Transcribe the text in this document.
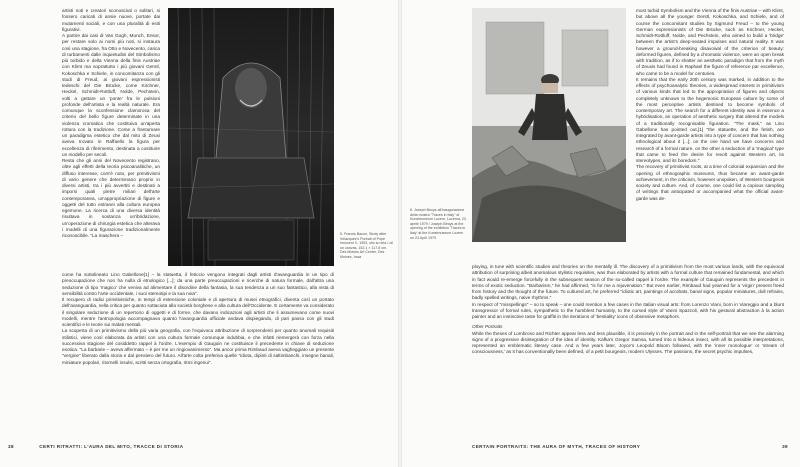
artisti noti e creatori sconosciuti o solitari, si fossero caricati di ansie nuove, portate dai mutamenti sociali, e con una pluralità di esiti figurativi.

A partire dai casi di Van Gogh, Munch, Ensor, per restare solo ai nomi più noti, si instaura così una stagione, fra Otto e Novecento, carica di turbamenti dalle inquietudini del Simbolismo più torbido e della Vienna della finis Austriae con Klimt ma soprattutto i più giovani Gerstl, Kokoschka e Schiele, in concomitanza con gli studi di Freud, ai giovani espressionisti tedeschi del Die Brücke, come Kirchner, Heckel, Schmidt-Rottluff, Nolde, Pechstein, volti a gettare un 'ponte' fra le pulsioni profonde dell'artista e la realtà naturale. Era comunque la sconfessione clamorosa del criterio del bello figure determinate in una violenza cromatica che costituiva un'aperta rottura con la tradizione. Come a frantumare un paradigma estetico che dal mito di Zeusi aveva trovato in Raffaello la figura per eccellenza di riferimento, destinata a costituire un modello per secoli.

Resta che gli anni del Novecento registrano, oltre agli effetti della teoria psicoanalitiche, un diffuso interesse, com'è noto, per primitivismi di vario genere che determinano proprio in diversi artisti, tra i più avvertiti e destinati a imporsi quali pietre miliari dell'arte contemporanea, un'appropriazione di figure e oggetti del tutto estranei alla cultura europea egemone. La ricerca di una diversa identità risultava in sostanza un'ibridazione, un'operazione di chirurgia estetica che alterava i modelli di una figurazione tradizionalmente riconoscibile. "La maschera –

come ha sottolineato Lino Gabellone[1] – la statuetta, il feticcio vengono integrati dagli artisti d'avanguardia in un tipo di preoccupazione che non ha nulla di etnologico [...]; da una parte preoccupazioni e ricerche di natura formale, dall'altra una seduzione di tipo 'magico' che veniva ad alimentare il disordine della fantasia, la sua tendenza a un suo fantastico, alla vista di sensibilità contro l'arte occidentale, i suoi stereotipi e la sua noia".

Il recupero di radici primitivistiche, in tempi di estensione coloniale e di apertura di musei etnografici, diventa così un portato dell'avanguardia, nella critica per quanto sottaciuta alla società borghese e alla cultura dell'Occidente. E certamente va considerato il singolare seduzione di un repertorio di oggetti e di forme, che davano indicazioni agli artisti che li assumevano come nuovi modelli, mentre l'antropologia accompagnava quanto l'avanguardia ufficiale andava dispiegando, di pari passo con gli studi scientifici e le teorie sui malati mentali.

La scoperta di un primitivismo della più varia geografia, con l'equivoca attribuzione di sorprendenti per quanto anomali requisiti stilistici, viene così elaborata da artisti con una cultura formale comunque indubbia, e che infatti riemergerà con forza nella successiva stagione del cosiddetto rappel à l'ordre. L'esempio di Gauguin ne costituisce il precedente in chiave di seduzione esotica. "La barbarie – aveva affermato – è per me un ringiovanimento". Ma ancor prima Rimbaud aveva vagheggiato un presente "vergine" liberato dalla storia e dal pensiero del futuro. All'arte colta preferiva quelle "idiota, dipinti di saltimbanchi, insegne banali, miniature popolari, ritornelli insulsi, scritti senza ortografia, ritmi ingenui".

5. Francis Bacon, Study after Velázquez's Portrait of Pope Innocent X, 1953, olio su tela / oil on canvas, 152,1 × 117,8 cm. Des Moines Art Center, Des Moines, Iowa
38	CERTI RITRATTI: L'AURA DEL MITO, TRACCE DI STORIA
6. Joseph Beuys all'inaugurazione della mostra "Traces in Italy" di Kunstmuseum Luzern, Lucerna, 23 aprile 1979 / Joseph Beuys at the opening of the exhibition 'Traces in Italy' at the Kunstmuseum Luzern on 23 April 1979

most turbid Symbolism and the Vienna of the finis Austriae – with Klimt, but above all the younger Gerstl, Kokoschka, and Schiele, and of course the concomitant studies by Sigmund Freud – to the young German expressionists of Die Brücke, such as Kirchner, Heckel, Schmidt-Rottluff, Nolde, and Pechstein, who aimed to build a 'bridge' between the artist's deep-seated impulses and natural reality. It was however a ground-breaking disavowal of the criterion of beauty: deformed figures, defined by a chromatic violence, were an open break with tradition, as if to shatter an aesthetic paradigm that from the myth of Zeuxis had found in Raphael the figure of reference par excellence, who came to be a model for centuries.

It remains that the early 20th century was marked, in addition to the effects of psychoanalytic theories, a widespread interest in primitivism of various kinds that led to the appropriation of figures and objects completely unknown to the hegemonic European culture by some of the most perceptive artists destined to become symbols of contemporary art. The search for a different identity was in essence a hybridisation, an operation of aesthetic surgery that altered the models of a traditionally recognisable figuration. "The mask," as Lino Gabellone has pointed out,[1] "the statuette, and the fetish, are integrated by avant-garde artists into a type of concern that has nothing ethnological about it [...]; on the one hand we have concerns and research of a formal nature, on the other a seduction of a 'magical' type that came to feed the desire for revolt against Western art, its stereotypes, and its boredom."

The recovery of primitivist roots, at a time of colonial expansion and the opening of ethnographic museums, thus became an avant-garde achievement, in the criticism, however unspoken, of Western bourgeois society and culture. And, of course, one could list a copious sampling of writings that anticipated or accompanied what the official avant-garde was de-

ploying, in tune with scientific studies and theories on the mentally ill. The discovery of a primitivism from the most various lands, with the equivocal attribution of surprising albeit anomalous stylistic requisites, was thus elaborated by artists with a formal culture that remained fundamental, and which in fact would re-emerge forcefully in the subsequent season of the so-called rappel à l'ordre. The example of Gauguin represents the precedent in terms of exotic seduction. "Barbarism," he had affirmed, "is for me a rejuvenation." But even earlier, Rimbaud had yearned for a 'virgin' present freed from history and the thought of the future. To cultured art, he preferred "idiotic art, paintings of acrobats, banal signs, popular miniatures, dull refrains, badly spelled writings, naive rhythms."

In respect of "misspellings" – so to speak – one could mention a few cases in the Italian visual arts: from Lorenzo Viani, born in Viareggio and a blunt transgressor of formal rules, sympathetic to the humblest humanity, to the cursed style of Vanni Spazzoli, with his gestural abstraction à la action painter and an instinctive taste for graffiti in the iterations of 'bestiality' icons of obsessive metaphors.

Other Portraits

While the theses of Lombroso and Richter appear less and less plausible, it is precisely in the portrait and in the self-portrait that we see the alarming signs of a progressive disintegration of the idea of identity. Kafka's Gregor Samsa, turned into a hideous insect, with all its possible interpretations, represented an emblematic literary case. And a few years later, Joyce's Leopold Bloom followed, with the 'inner monologue' or 'stream of consciousness,' as it has conventionally been defined, of a petit bourgeois, modern Ulysses. The passions, the secret psychic impulses,

CERTAIN PORTRAITS: THE AURA OF MYTH, TRACES OF HISTORY	39
